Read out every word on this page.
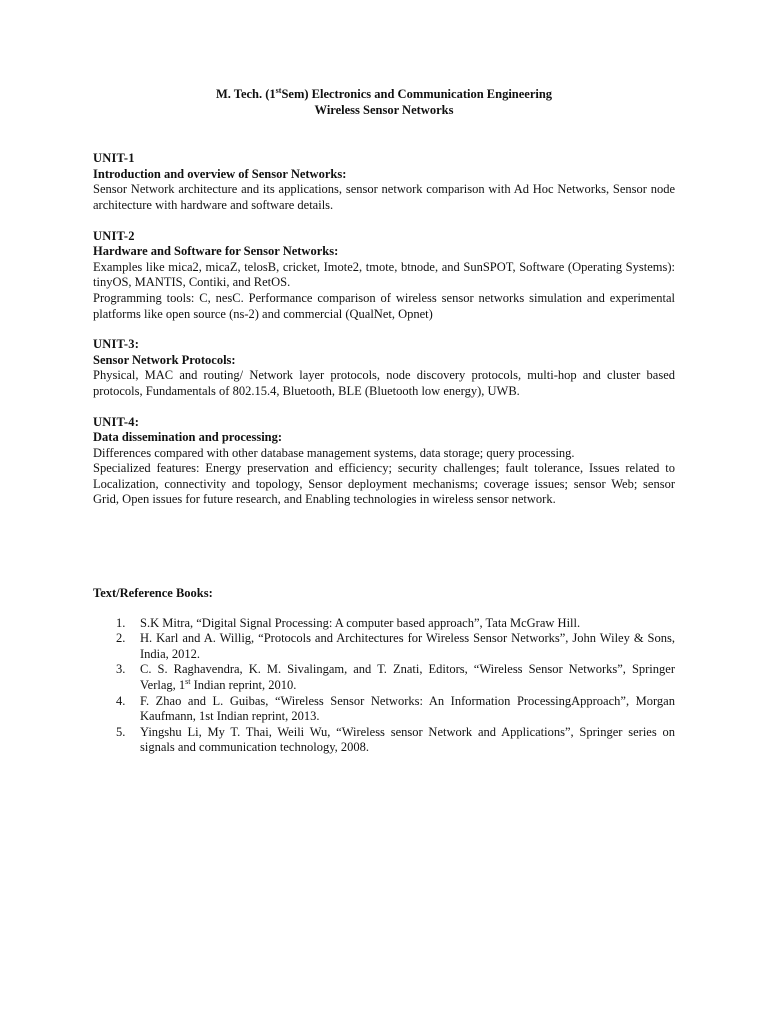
M. Tech. (1stSem) Electronics and Communication Engineering
Wireless Sensor Networks
UNIT-1
Introduction and overview of Sensor Networks:
Sensor Network architecture and its applications, sensor network comparison with Ad Hoc Networks, Sensor node architecture with hardware and software details.
UNIT-2
Hardware and Software for Sensor Networks:
Examples like mica2, micaZ, telosB, cricket, Imote2, tmote, btnode, and SunSPOT, Software (Operating Systems): tinyOS, MANTIS, Contiki, and RetOS.
Programming tools: C, nesC. Performance comparison of wireless sensor networks simulation and experimental platforms like open source (ns-2) and commercial (QualNet, Opnet)
UNIT-3:
Sensor Network Protocols:
Physical, MAC and routing/ Network layer protocols, node discovery protocols, multi-hop and cluster based protocols, Fundamentals of 802.15.4, Bluetooth, BLE (Bluetooth low energy), UWB.
UNIT-4:
Data dissemination and processing:
Differences compared with other database management systems, data storage; query processing.
Specialized features: Energy preservation and efficiency; security challenges; fault tolerance, Issues related to Localization, connectivity and topology, Sensor deployment mechanisms; coverage issues; sensor Web; sensor Grid, Open issues for future research, and Enabling technologies in wireless sensor network.
Text/Reference Books:
1. S.K Mitra, “Digital Signal Processing: A computer based approach”, Tata McGraw Hill.
2. H. Karl and A. Willig, “Protocols and Architectures for Wireless Sensor Networks”, John Wiley & Sons, India, 2012.
3. C. S. Raghavendra, K. M. Sivalingam, and T. Znati, Editors, “Wireless Sensor Networks”, Springer Verlag, 1st Indian reprint, 2010.
4. F. Zhao and L. Guibas, “Wireless Sensor Networks: An Information ProcessingApproach”, Morgan Kaufmann, 1st Indian reprint, 2013.
5. Yingshu Li, My T. Thai, Weili Wu, “Wireless sensor Network and Applications”, Springer series on signals and communication technology, 2008.
